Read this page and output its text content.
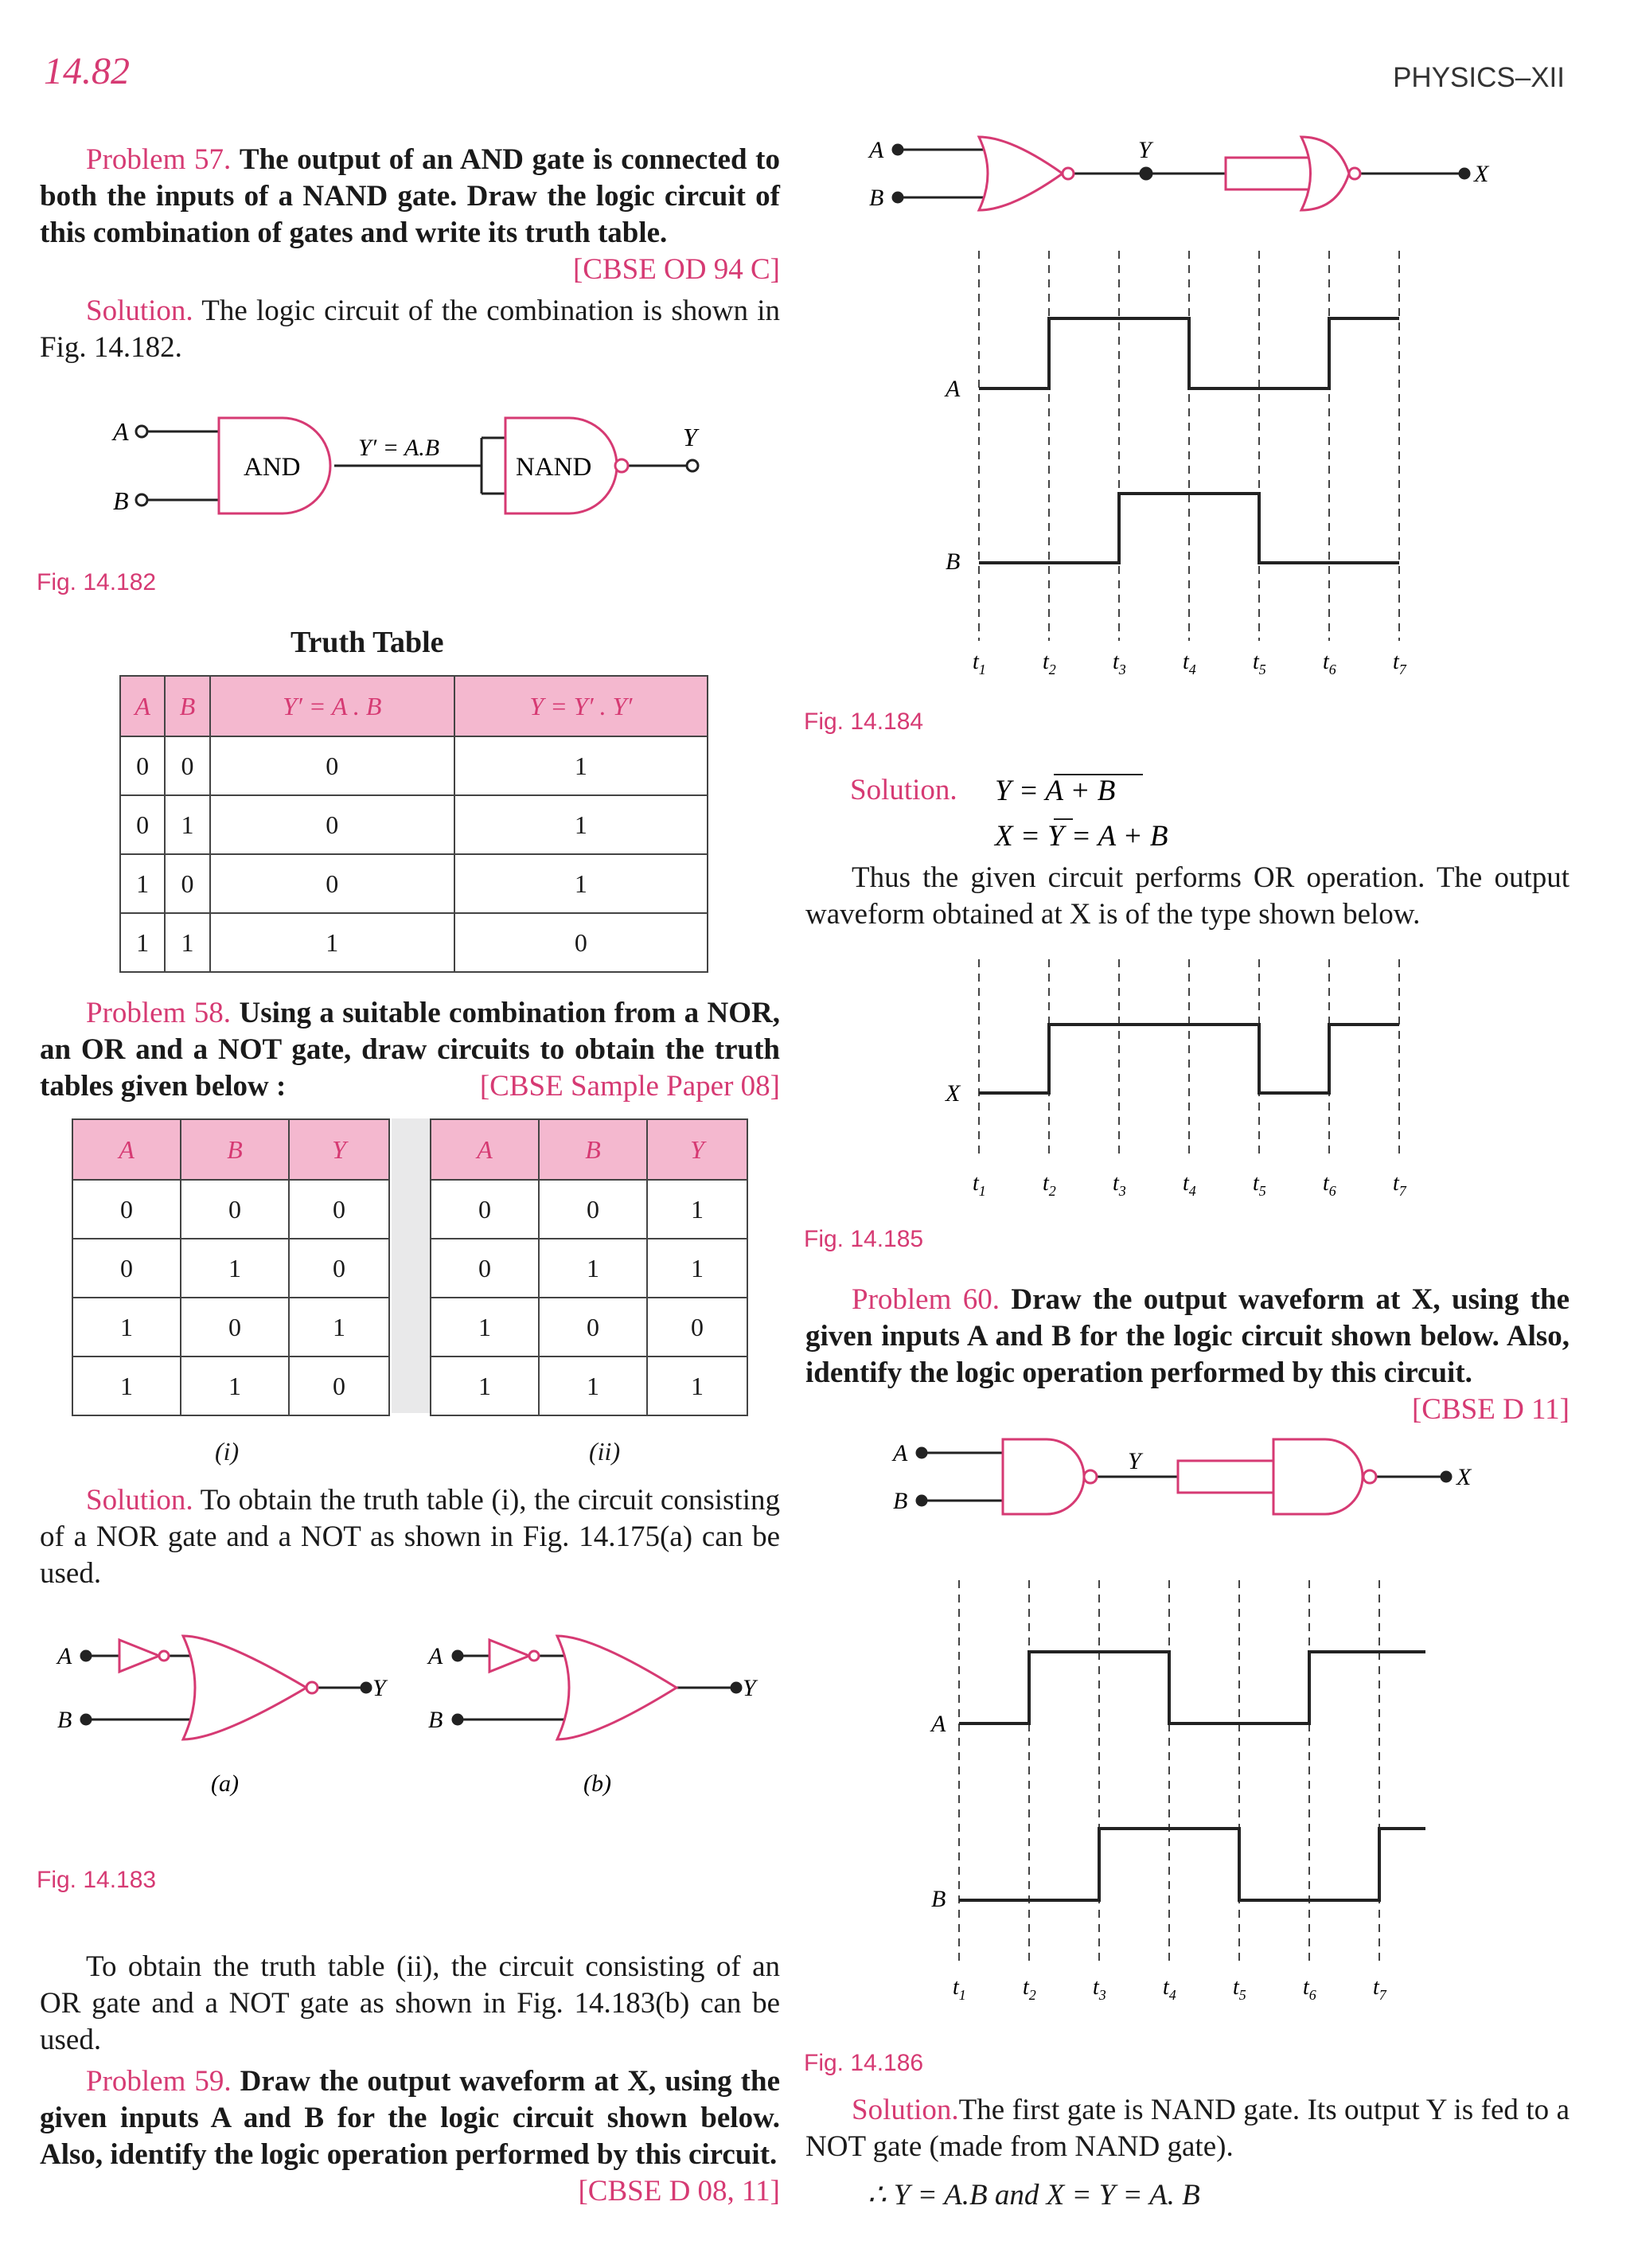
14.82	PHYSICS–XII
Problem 57. The output of an AND gate is connected to both the inputs of a NAND gate. Draw the logic circuit of this combination of gates and write its truth table.
[CBSE OD 94 C]
Solution. The logic circuit of the combination is shown in Fig. 14.182.
A
B
AND
Y′ = A.B
NAND
Y
Fig. 14.182
Truth Table
A	B	Y′ = A . B	Y = Y′ . Y′
0	0	0	1
0	1	0	1
1	0	0	1
1	1	1	0
Problem 58. Using a suitable combination from a NOR, an OR and a NOT gate, draw circuits to obtain the truth tables given below :	[CBSE Sample Paper 08]
A	B	Y
0	0	0
0	1	0
1	0	1
1	1	0
A	B	Y
0	0	1
0	1	1
1	0	0
1	1	1
(i)	(ii)
Solution. To obtain the truth table (i), the circuit consisting of a NOR gate and a NOT as shown in Fig. 14.175(a) can be used.
A
B
Y
A
B
Y
(a)	(b)
Fig. 14.183
To obtain the truth table (ii), the circuit consisting of an OR gate and a NOT gate as shown in Fig. 14.183(b) can be used.
Problem 59. Draw the output waveform at X, using the given inputs A and B for the logic circuit shown below. Also, identify the logic operation performed by this circuit.
[CBSE D 08, 11]
A
B
Y
X
A
B
$t_1$	$t_2$	$t_3$	$t_4$	$t_5$	$t_6$	$t_7$
Fig. 14.184
Solution.	Y = A + B
X = Y = A + B
Thus the given circuit performs OR operation. The output waveform obtained at X is of the type shown below.
X
$t_1$	$t_2$	$t_3$	$t_4$	$t_5$	$t_6$	$t_7$
Fig. 14.185
Problem 60. Draw the output waveform at X, using the given inputs A and B for the logic circuit shown below. Also, identify the logic operation performed by this circuit.
[CBSE D 11]
A
B
Y
X
A
B
$t_1$	$t_2$	$t_3$	$t_4$	$t_5$	$t_6$	$t_7$
Fig. 14.186
Solution.The first gate is NAND gate. Its output Y is fed to a NOT gate (made from NAND gate).
∴ Y = A.B and X = Y = A. B
